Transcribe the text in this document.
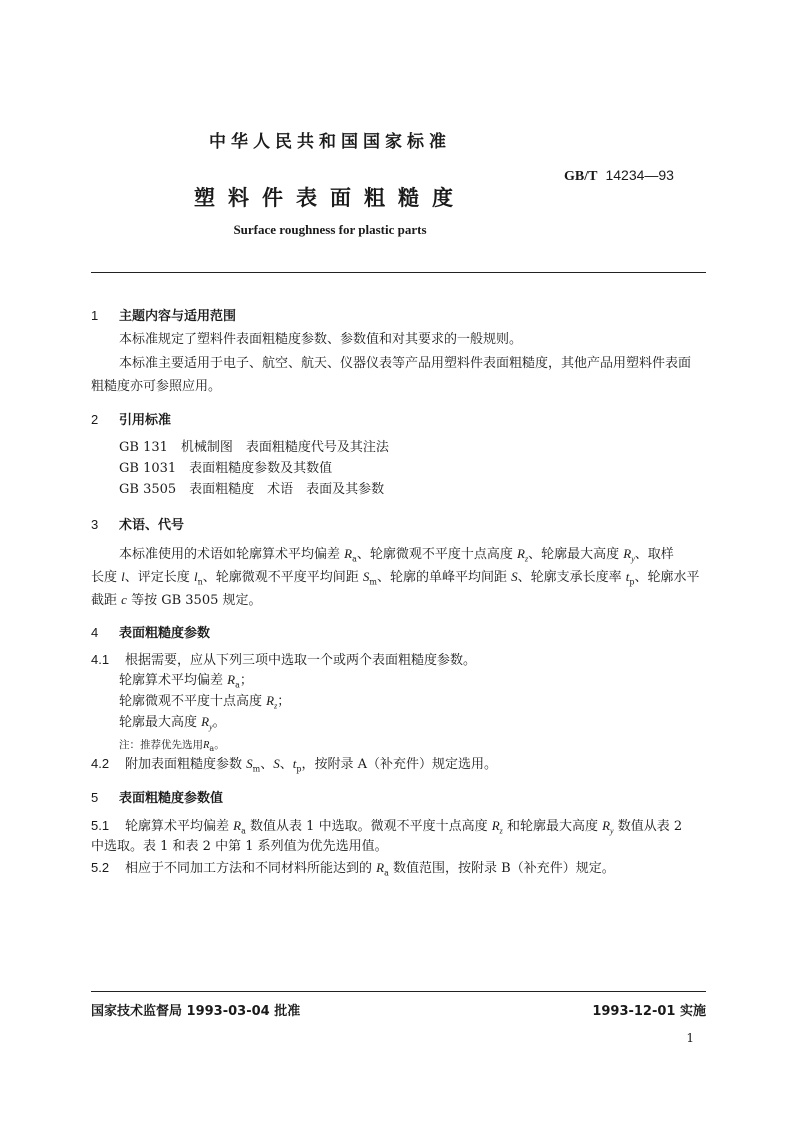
中华人民共和国国家标准
GB/T 14234—93
塑料件表面粗糙度
Surface roughness for plastic parts
1 主题内容与适用范围
本标准规定了塑料件表面粗糙度参数、参数值和对其要求的一般规则。
本标准主要适用于电子、航空、航天、仪器仪表等产品用塑料件表面粗糙度，其他产品用塑料件表面
粗糙度亦可参照应用。
2 引用标准
GB 131　 机械制图　表面粗糙度代号及其注法
GB 1031　 表面粗糙度参数及其数值
GB 3505　 表面粗糙度　术语　表面及其参数
3 术语、代号
本标准使用的术语如轮廓算术平均偏差 $R_a$、轮廓微观不平度十点高度 $R_z$、轮廓最大高度 $R_y$、取样
长度 l、评定长度 $l_n$、轮廓微观不平度平均间距 $S_m$、轮廓的单峰平均间距 S、轮廓支承长度率 $t_p$、轮廓水平
截距 c 等按 GB 3505 规定。
4 表面粗糙度参数
4.1 根据需要，应从下列三项中选取一个或两个表面粗糙度参数。
轮廓算术平均偏差 $R_a$；
轮廓微观不平度十点高度 $R_z$；
轮廓最大高度 $R_y$。
注：推荐优先选用$R_a$。
4.2 附加表面粗糙度参数 $S_m$、S、$t_p$，按附录 A（补充件）规定选用。
5 表面粗糙度参数值
5.1 轮廓算术平均偏差 $R_a$ 数值从表 1 中选取。微观不平度十点高度 $R_z$ 和轮廓最大高度 $R_y$ 数值从表 2
中选取。表 1 和表 2 中第 1 系列值为优先选用值。
5.2 相应于不同加工方法和不同材料所能达到的 $R_a$ 数值范围，按附录 B（补充件）规定。
国家技术监督局 1993-03-04 批准	1993-12-01 实施
1
